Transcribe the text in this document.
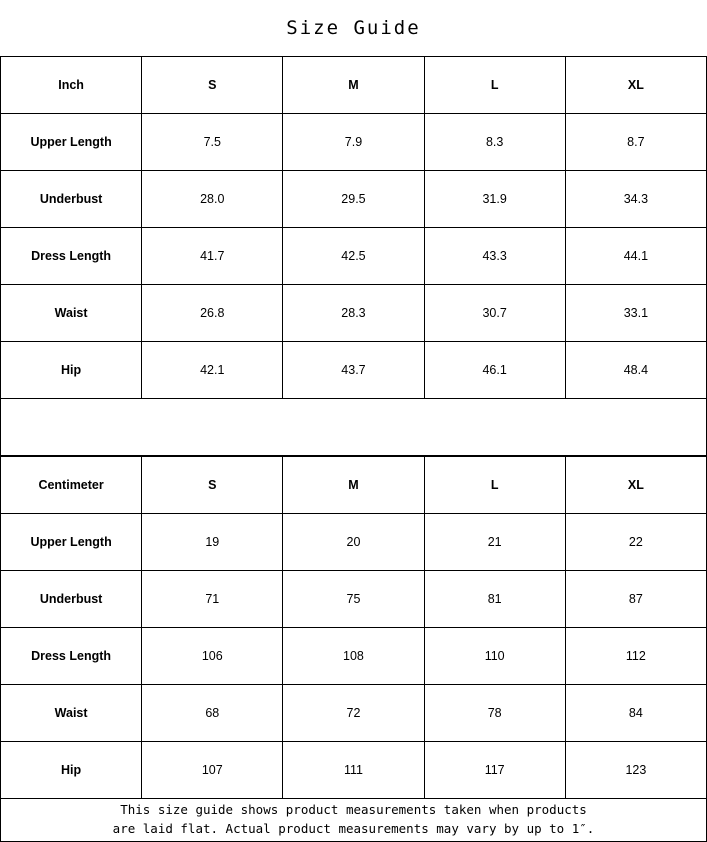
Size Guide
Inch	S	M	L	XL
Upper Length	7.5	7.9	8.3	8.7
Underbust	28.0	29.5	31.9	34.3
Dress Length	41.7	42.5	43.3	44.1
Waist	26.8	28.3	30.7	33.1
Hip	42.1	43.7	46.1	48.4

Centimeter	S	M	L	XL
Upper Length	19	20	21	22
Underbust	71	75	81	87
Dress Length	106	108	110	112
Waist	68	72	78	84
Hip	107	111	117	123
This size guide shows product measurements taken when products
are laid flat. Actual product measurements may vary by up to 1″.
